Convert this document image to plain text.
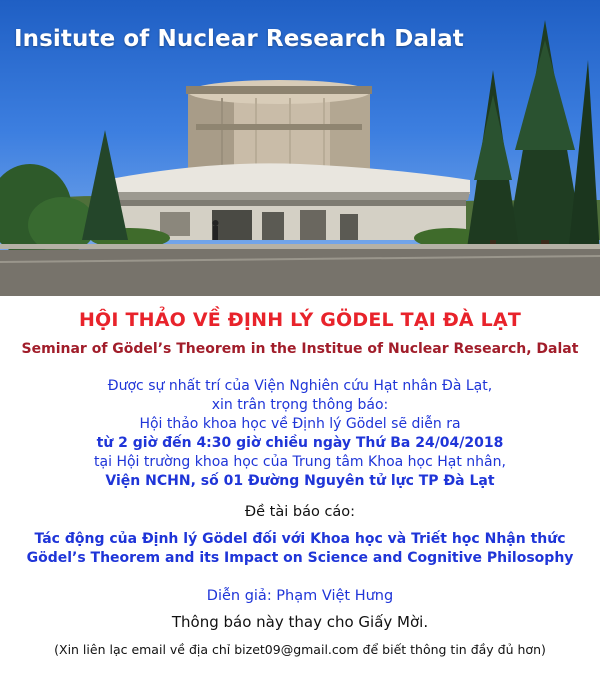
Insitute of Nuclear Research Dalat
HỘI THẢO VỀ ĐỊNH LÝ GÖDEL TẠI ĐÀ LẠT
Seminar of Gödel’s Theorem in the Institue of Nuclear Research, Dalat
Được sự nhất trí của Viện Nghiên cứu Hạt nhân Đà Lạt,
xin trân trọng thông báo:
Hội thảo khoa học về Định lý Gödel sẽ diễn ra
từ 2 giờ đến 4:30 giờ chiều ngày Thứ Ba 24/04/2018
tại Hội trường khoa học của Trung tâm Khoa học Hạt nhân,
Viện NCHN, số 01 Đường Nguyên tử lực TP Đà Lạt
Đề tài báo cáo:
Tác động của Định lý Gödel đối với Khoa học và Triết học Nhận thức
Gödel’s Theorem and its Impact on Science and Cognitive Philosophy
Diễn giả: Phạm Việt Hưng
Thông báo này thay cho Giấy Mời.
(Xin liên lạc email về địa chỉ bizet09@gmail.com để biết thông tin đầy đủ hơn)
